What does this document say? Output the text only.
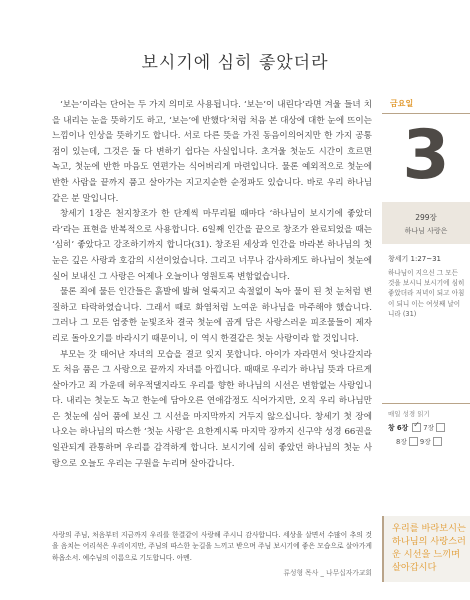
보시기에 심히 좋았더라

‘보는’이라는 단어는 두 가지 의미로 사용됩니다. ‘보는’이 내린다’라면 겨울 들녀 치을 내리는 눈을 뜻하기도 하고, ‘보는’에 반했다’처럼 처음 본 대상에 대한 눈에 뜨이는 느낌이나 인상을 뜻하기도 합니다. 서로 다른 뜻을 가진 동음이의어지만 한 가지 공통점이 있는데, 그것은 둘 다 변하기 쉽다는 사실입니다. 초겨울 첫눈도 시간이 흐르면 녹고, 첫눈에 반한 마음도 연편가는 식어버리게 마련입니다. 물론 예외적으로 첫눈에 반한 사람을 끝까지 품고 살아가는 지고지순한 순정파도 있습니다. 바로 우리 하나님 같은 분 말입니다.

창세기 1장은 천지창조가 한 단계씩 마무리될 때마다 ‘하나님이 보시기에 좋았더라’라는 표현을 반복적으로 사용합니다. 6일째 인간을 끝으로 창조가 완료되었을 때는 ‘심히’ 좋았다고 강조하기까지 합니다(31). 창조된 세상과 인간을 바라본 하나님의 첫눈은 깊은 사랑과 호감의 시선이었습니다. 그리고 너무나 감사하게도 하나님이 첫눈에 실어 보내신 그 사랑은 어제나 오늘이나 영원토록 변함없습니다.

물론 죄에 물든 인간들은 흙발에 밟혀 얼룩지고 속절없이 녹아 물이 된 첫 눈처럼 변질하고 타락하였습니다. 그래서 때로 화염처럼 노여운 하나님을 마주해야 했습니다. 그러나 그 모든 엄중한 눈빛조차 결국 첫눈에 곱게 담은 사랑스러운 피조물들이 제자리로 돌아오기를 바라시기 때문이니, 이 역시 한결같은 첫눈 사랑이라 할 것입니다.

부모는 갓 태어난 자녀의 모습을 결코 잊지 못합니다. 아이가 자라면서 엇나갈지라도 처음 품은 그 사랑으로 끝까지 자녀를 아낍니다. 때때로 우리가 하나님 뜻과 다르게 살아가고 죄 가운데 허우적댈지라도 우리를 향한 하나님의 시선은 변함없는 사랑입니다. 내리는 첫눈도 녹고 한눈에 담아오른 연애감정도 식어가지만, 오직 우리 하나님만은 첫눈에 심어 품에 보신 그 시선을 마지막까지 거두지 않으십니다. 창세기 첫 장에 나오는 하나님의 따스한 ‘첫눈 사랑’은 요한계시록 마지막 장까지 신구약 성경 66권을 일관되게 관통하며 우리를 감격하게 합니다. 보시기에 심히 좋았던 하나님의 첫눈 사랑으로 오늘도 우리는 구원을 누리며 살아갑니다.

금요일
3
299장
하나님 사랑은
창세기 1:27~31
하나님이 지으신 그 모든 것을 보시니 보시기에 심히 좋았더라 저녁이 되고 아침이 되니 이는 여섯째 날이니라 (31)
매일 성경 읽기
창 6장
✓ 7장
8장 9장
사랑의 주님, 처음부터 지금까지 우리를 한결같이 사랑해 주시니 감사합니다. 세상을 살면서 수많이 추의 것을 음치는 어리석은 우리이지만, 주님의 따스한 눈길을 느끼고 받으며 주님 보시기에 좋은 모습으로 살아가게 하옵소서. 예수님의 이름으로 기도합니다. 아멘.
류성형 목사 _ 나무십자가교회
우리를 바라보시는 하나님의 사랑스러운 시선을 느끼며 살아갑시다
